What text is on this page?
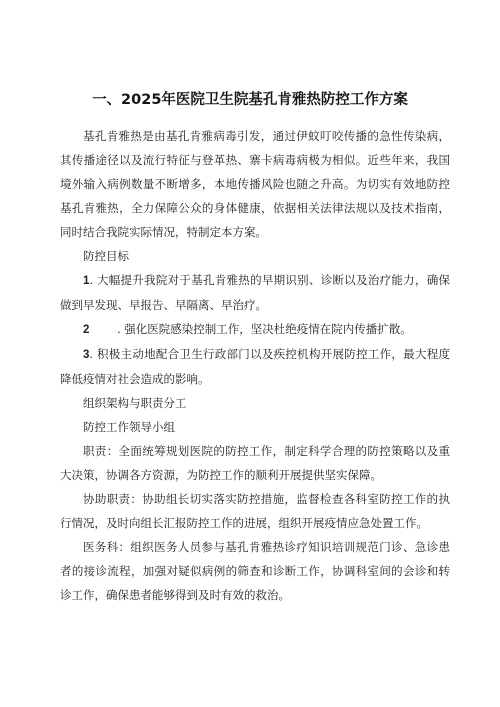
一、2025年医院卫生院基孔肯雅热防控工作方案

基孔肯雅热是由基孔肯雅病毒引发，通过伊蚊叮咬传播的急性传染病，其传播途径以及流行特征与登革热、寨卡病毒病极为相似。近些年来，我国境外输入病例数量不断增多，本地传播风险也随之升高。为切实有效地防控基孔肯雅热，全力保障公众的身体健康，依据相关法律法规以及技术指南，同时结合我院实际情况，特制定本方案。

防控目标

1. 大幅提升我院对于基孔肯雅热的早期识别、诊断以及治疗能力，确保做到早发现、早报告、早隔离、早治疗。

2 . 强化医院感染控制工作，坚决杜绝疫情在院内传播扩散。

3. 积极主动地配合卫生行政部门以及疾控机构开展防控工作，最大程度降低疫情对社会造成的影响。

组织架构与职责分工

防控工作领导小组

职责：全面统筹规划医院的防控工作，制定科学合理的防控策略以及重大决策，协调各方资源，为防控工作的顺利开展提供坚实保障。

协助职责：协助组长切实落实防控措施，监督检查各科室防控工作的执行情况，及时向组长汇报防控工作的进展，组织开展疫情应急处置工作。

医务科：组织医务人员参与基孔肯雅热诊疗知识培训规范门诊、急诊患者的接诊流程，加强对疑似病例的筛查和诊断工作，协调科室间的会诊和转诊工作，确保患者能够得到及时有效的救治。
